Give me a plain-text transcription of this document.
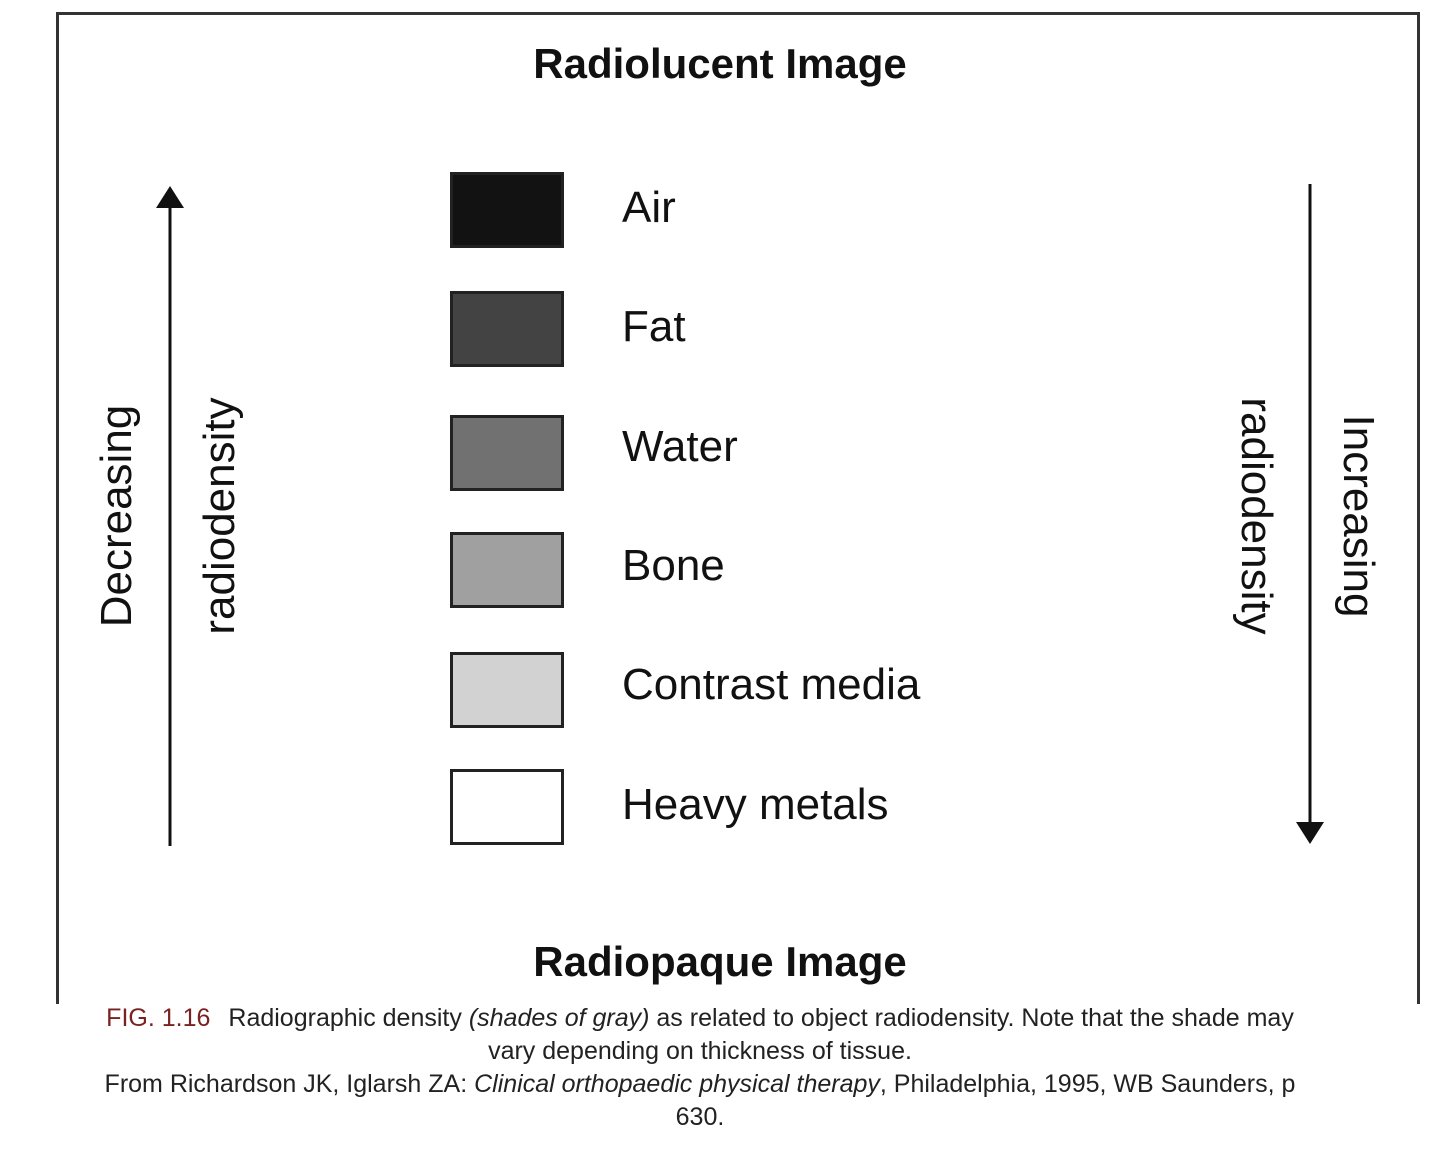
Radiolucent Image
Radiopaque Image
Decreasing radiodensity	radiodensity Increasing
Air
Fat
Water
Bone
Contrast media
Heavy metals
FIG. 1.16 Radiographic density (shades of gray) as related to object radiodensity. Note that the shade may vary depending on thickness of tissue.
From Richardson JK, Iglarsh ZA: Clinical orthopaedic physical therapy, Philadelphia, 1995, WB Saunders, p 630.
